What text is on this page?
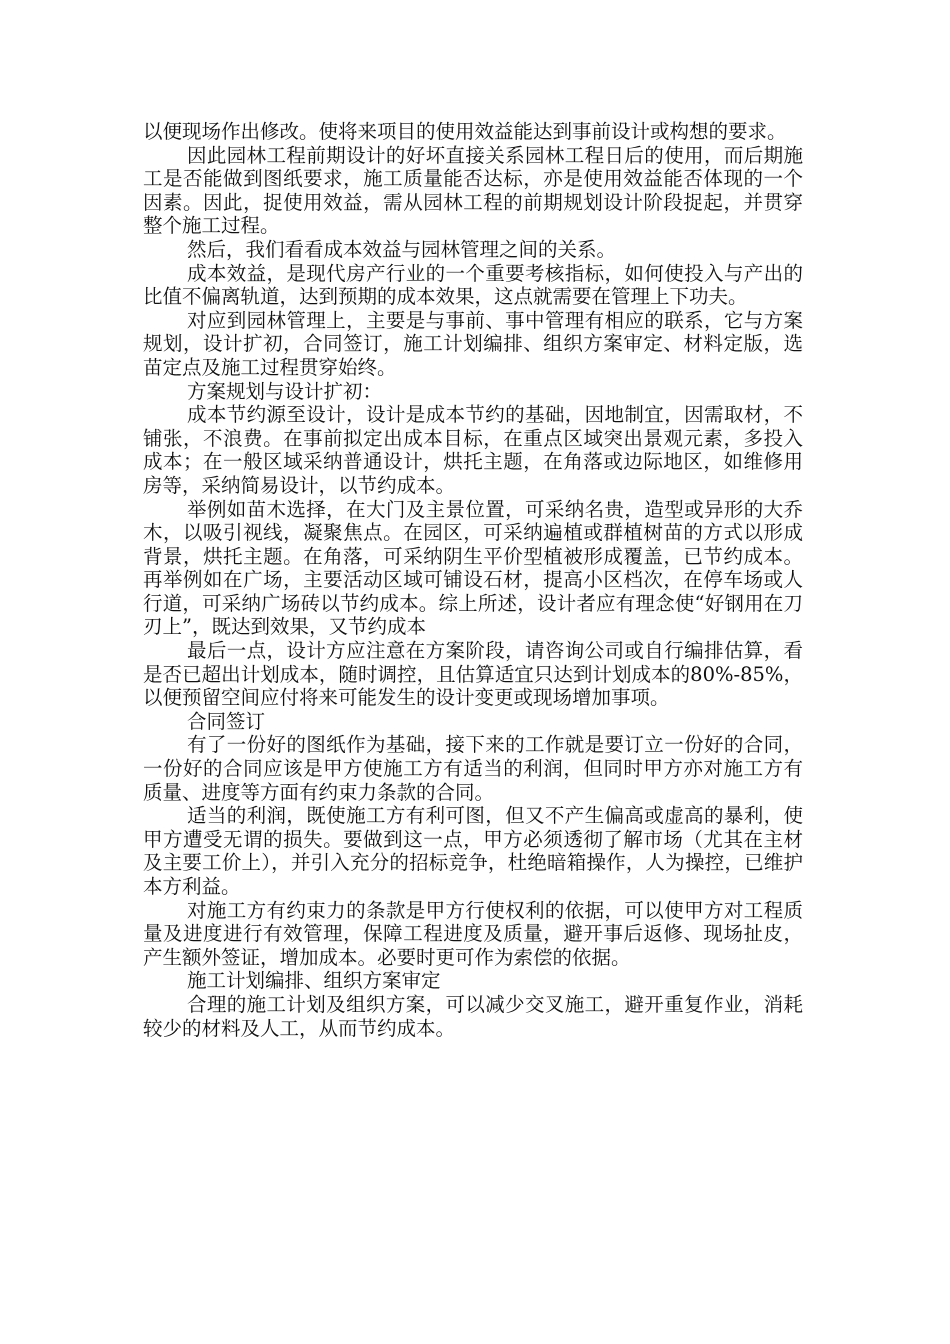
以便现场作出修改。使将来项目的使用效益能达到事前设计或构想的要求。

因此园林工程前期设计的好坏直接关系园林工程日后的使用，而后期施工是否能做到图纸要求，施工质量能否达标，亦是使用效益能否体现的一个因素。因此，捉使用效益，需从园林工程的前期规划设计阶段捉起，并贯穿整个施工过程。

然后，我们看看成本效益与园林管理之间的关系。

成本效益，是现代房产行业的一个重要考核指标，如何使投入与产出的比值不偏离轨道，达到预期的成本效果，这点就需要在管理上下功夫。

对应到园林管理上，主要是与事前、事中管理有相应的联系，它与方案规划，设计扩初，合同签订，施工计划编排、组织方案审定、材料定版，选苗定点及施工过程贯穿始终。

方案规划与设计扩初：

成本节约源至设计，设计是成本节约的基础，因地制宜，因需取材，不铺张，不浪费。在事前拟定出成本目标，在重点区域突出景观元素，多投入成本；在一般区域采纳普通设计，烘托主题，在角落或边际地区，如维修用房等，采纳简易设计，以节约成本。

举例如苗木选择，在大门及主景位置，可采纳名贵，造型或异形的大乔木，以吸引视线，凝聚焦点。在园区，可采纳遍植或群植树苗的方式以形成背景，烘托主题。在角落，可采纳阴生平价型植被形成覆盖，已节约成本。再举例如在广场，主要活动区域可铺设石材，提高小区档次，在停车场或人行道，可采纳广场砖以节约成本。综上所述，设计者应有理念使“好钢用在刀刃上”，既达到效果，又节约成本

最后一点，设计方应注意在方案阶段，请咨询公司或自行编排估算，看是否已超出计划成本，随时调控，且估算适宜只达到计划成本的80%-85%，以便预留空间应付将来可能发生的设计变更或现场增加事项。

合同签订

有了一份好的图纸作为基础，接下来的工作就是要订立一份好的合同，一份好的合同应该是甲方使施工方有适当的利润，但同时甲方亦对施工方有质量、进度等方面有约束力条款的合同。

适当的利润，既使施工方有利可图，但又不产生偏高或虚高的暴利，使甲方遭受无谓的损失。要做到这一点，甲方必须透彻了解市场（尤其在主材及主要工价上），并引入充分的招标竞争，杜绝暗箱操作，人为操控，已维护本方利益。

对施工方有约束力的条款是甲方行使权利的依据，可以使甲方对工程质量及进度进行有效管理，保障工程进度及质量，避开事后返修、现场扯皮，产生额外签证，增加成本。必要时更可作为索偿的依据。

施工计划编排、组织方案审定

合理的施工计划及组织方案，可以减少交叉施工，避开重复作业，消耗较少的材料及人工，从而节约成本。
